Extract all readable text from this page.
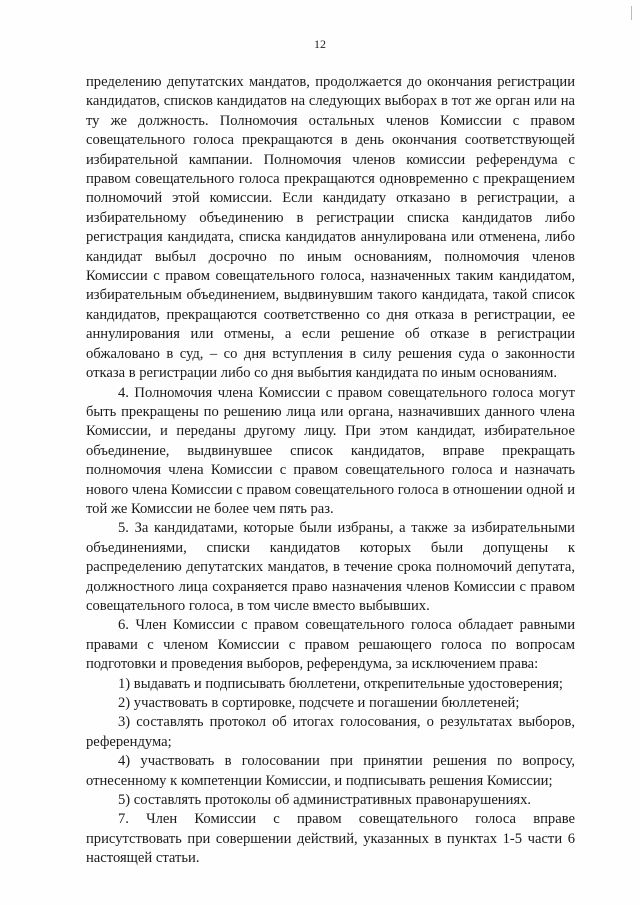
12

пределению депутатских мандатов, продолжается до окончания регистрации кандидатов, списков кандидатов на следующих выборах в тот же орган или на ту же должность. Полномочия остальных членов Комиссии с правом совещательного голоса прекращаются в день окончания соответствующей избирательной кампании. Полномочия членов комиссии референдума с правом совещательного голоса прекращаются одновременно с прекращением полномочий этой комиссии. Если кандидату отказано в регистрации, а избирательному объединению в регистрации списка кандидатов либо регистрация кандидата, списка кандидатов аннулирована или отменена, либо кандидат выбыл досрочно по иным основаниям, полномочия членов Комиссии с правом совещательного голоса, назначенных таким кандидатом, избирательным объединением, выдвинувшим такого кандидата, такой список кандидатов, прекращаются соответственно со дня отказа в регистрации, ее аннулирования или отмены, а если решение об отказе в регистрации обжаловано в суд, – со дня вступления в силу решения суда о законности отказа в регистрации либо со дня выбытия кандидата по иным основаниям.

4. Полномочия члена Комиссии с правом совещательного голоса могут быть прекращены по решению лица или органа, назначивших данного члена Комиссии, и переданы другому лицу. При этом кандидат, избирательное объединение, выдвинувшее список кандидатов, вправе прекращать полномочия члена Комиссии с правом совещательного голоса и назначать нового члена Комиссии с правом совещательного голоса в отношении одной и той же Комиссии не более чем пять раз.

5. За кандидатами, которые были избраны, а также за избирательными объединениями, списки кандидатов которых были допущены к распределению депутатских мандатов, в течение срока полномочий депутата, должностного лица сохраняется право назначения членов Комиссии с правом совещательного голоса, в том числе вместо выбывших.

6. Член Комиссии с правом совещательного голоса обладает равными правами с членом Комиссии с правом решающего голоса по вопросам подготовки и проведения выборов, референдума, за исключением права:

1) выдавать и подписывать бюллетени, открепительные удостоверения;

2) участвовать в сортировке, подсчете и погашении бюллетеней;

3) составлять протокол об итогах голосования, о результатах выборов, референдума;

4) участвовать в голосовании при принятии решения по вопросу, отнесенному к компетенции Комиссии, и подписывать решения Комиссии;

5) составлять протоколы об административных правонарушениях.

7. Член Комиссии с правом совещательного голоса вправе присутствовать при совершении действий, указанных в пунктах 1-5 части 6 настоящей статьи.
